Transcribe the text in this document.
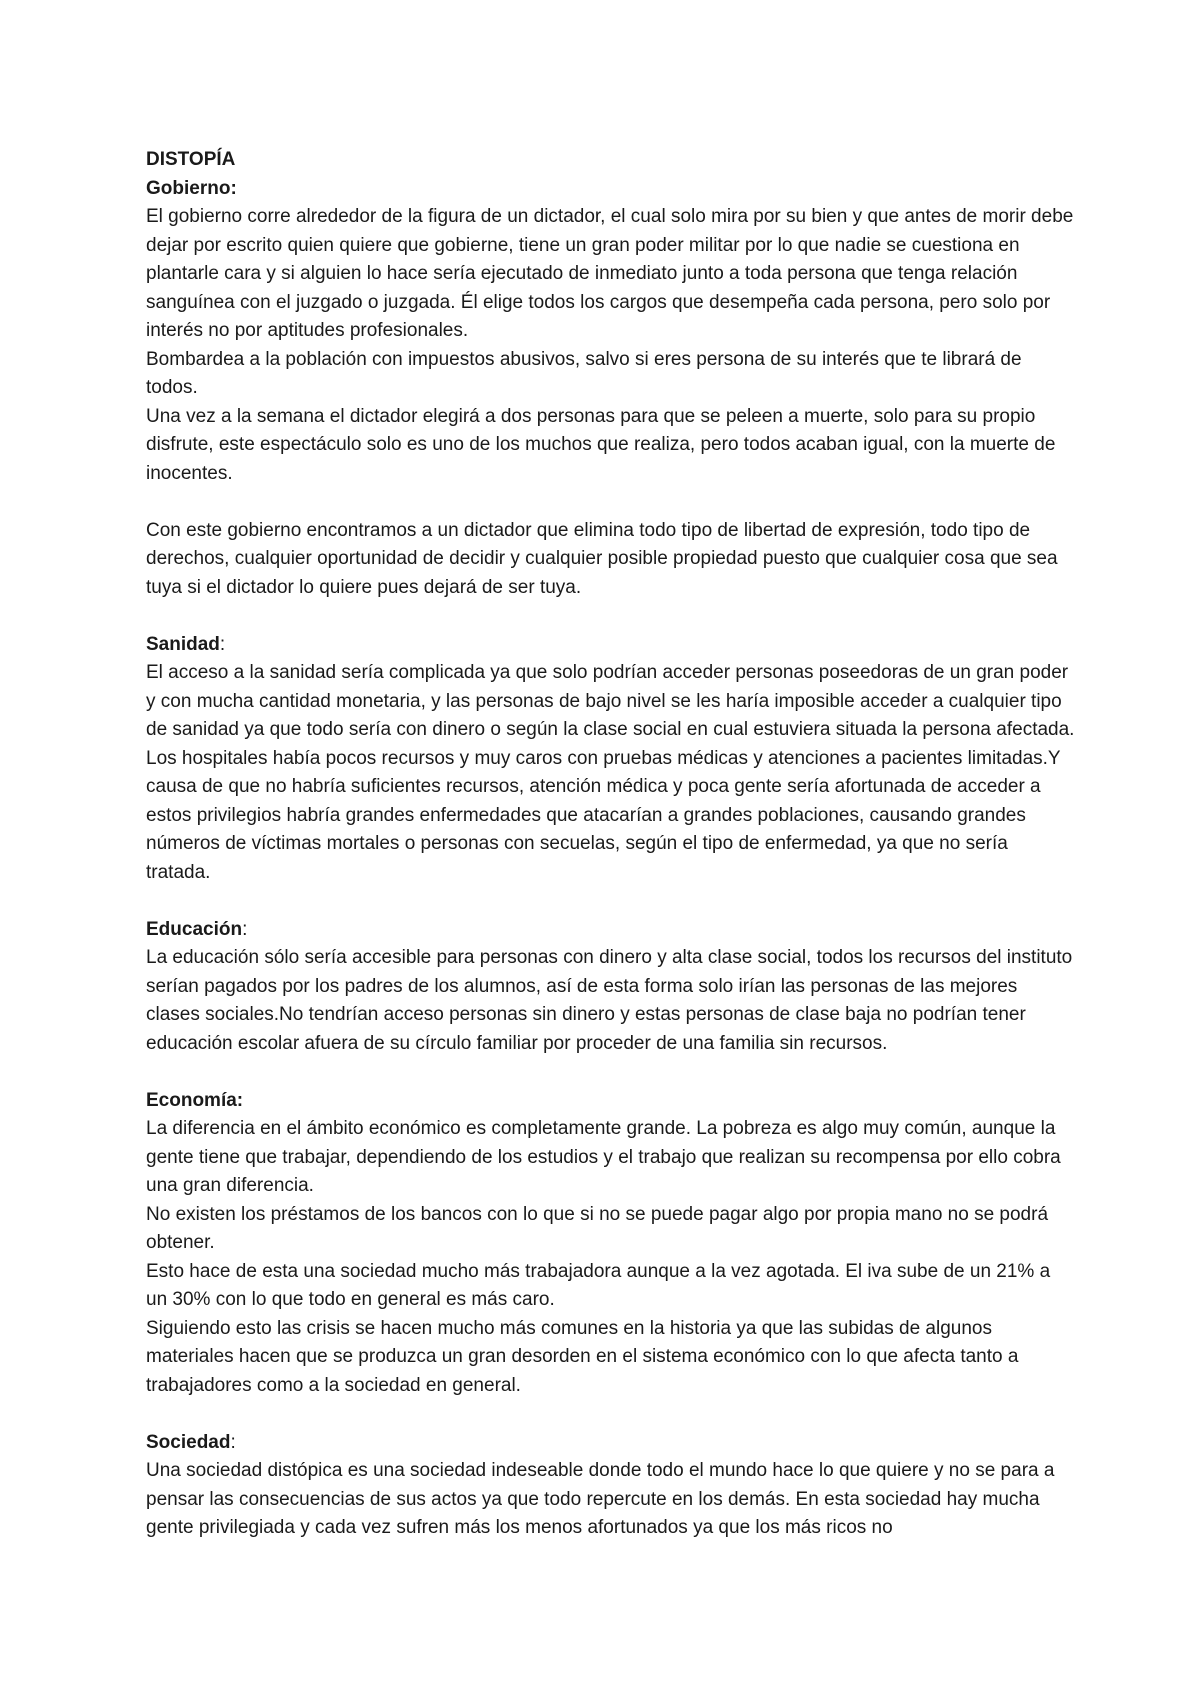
DISTOPÍA

Gobierno:

El gobierno corre alrededor de la figura de un dictador, el cual solo mira por su bien y que antes de morir debe dejar por escrito quien quiere que gobierne, tiene un gran poder militar por lo que nadie se cuestiona en plantarle cara y si alguien lo hace sería ejecutado de inmediato junto a toda persona que tenga relación sanguínea con el juzgado o juzgada. Él elige todos los cargos que desempeña cada persona, pero solo por interés no por aptitudes profesionales.

Bombardea a la población con impuestos abusivos, salvo si eres persona de su interés que te librará de todos.

Una vez a la semana el dictador elegirá a dos personas para que se peleen a muerte, solo para su propio disfrute, este espectáculo solo es uno de los muchos que realiza, pero todos acaban igual, con la muerte de inocentes.

Con este gobierno encontramos a un dictador que elimina todo tipo de libertad de expresión, todo tipo de derechos, cualquier oportunidad de decidir y cualquier posible propiedad puesto que cualquier cosa que sea tuya si el dictador lo quiere pues dejará de ser tuya.

Sanidad:

El acceso a la sanidad sería complicada ya que solo podrían acceder personas poseedoras de un gran poder y con mucha cantidad monetaria, y las personas de bajo nivel se les haría imposible acceder a cualquier tipo de sanidad ya que todo sería con dinero o según la clase social en cual estuviera situada la persona afectada. Los hospitales había pocos recursos y muy caros con pruebas médicas y atenciones a pacientes limitadas.Y causa de que no habría suficientes recursos, atención médica y poca gente sería afortunada de acceder a estos privilegios habría grandes enfermedades que atacarían a grandes poblaciones, causando grandes números de víctimas mortales o personas con secuelas, según el tipo de enfermedad, ya que no sería tratada.

Educación:

La educación sólo sería accesible para personas con dinero y alta clase social, todos los recursos del instituto serían pagados por los padres de los alumnos, así de esta forma solo irían las personas de las mejores clases sociales.No tendrían acceso personas sin dinero y estas personas de clase baja no podrían tener educación escolar afuera de su círculo familiar por proceder de una familia sin recursos.

Economía:

La diferencia en el ámbito económico es completamente grande. La pobreza es algo muy común, aunque la gente tiene que trabajar, dependiendo de los estudios y el trabajo que realizan su recompensa por ello cobra una gran diferencia.

No existen los préstamos de los bancos con lo que si no se puede pagar algo por propia mano no se podrá obtener.

Esto hace de esta una sociedad mucho más trabajadora aunque a la vez agotada. El iva sube de un 21% a un 30% con lo que todo en general es más caro.

Siguiendo esto las crisis se hacen mucho más comunes en la historia ya que las subidas de algunos materiales hacen que se produzca un gran desorden en el sistema económico con lo que afecta tanto a trabajadores como a la sociedad en general.

Sociedad:

Una sociedad distópica es una sociedad indeseable donde todo el mundo hace lo que quiere y no se para a pensar las consecuencias de sus actos ya que todo repercute en los demás. En esta sociedad hay mucha gente privilegiada y cada vez sufren más los menos afortunados ya que los más ricos no
